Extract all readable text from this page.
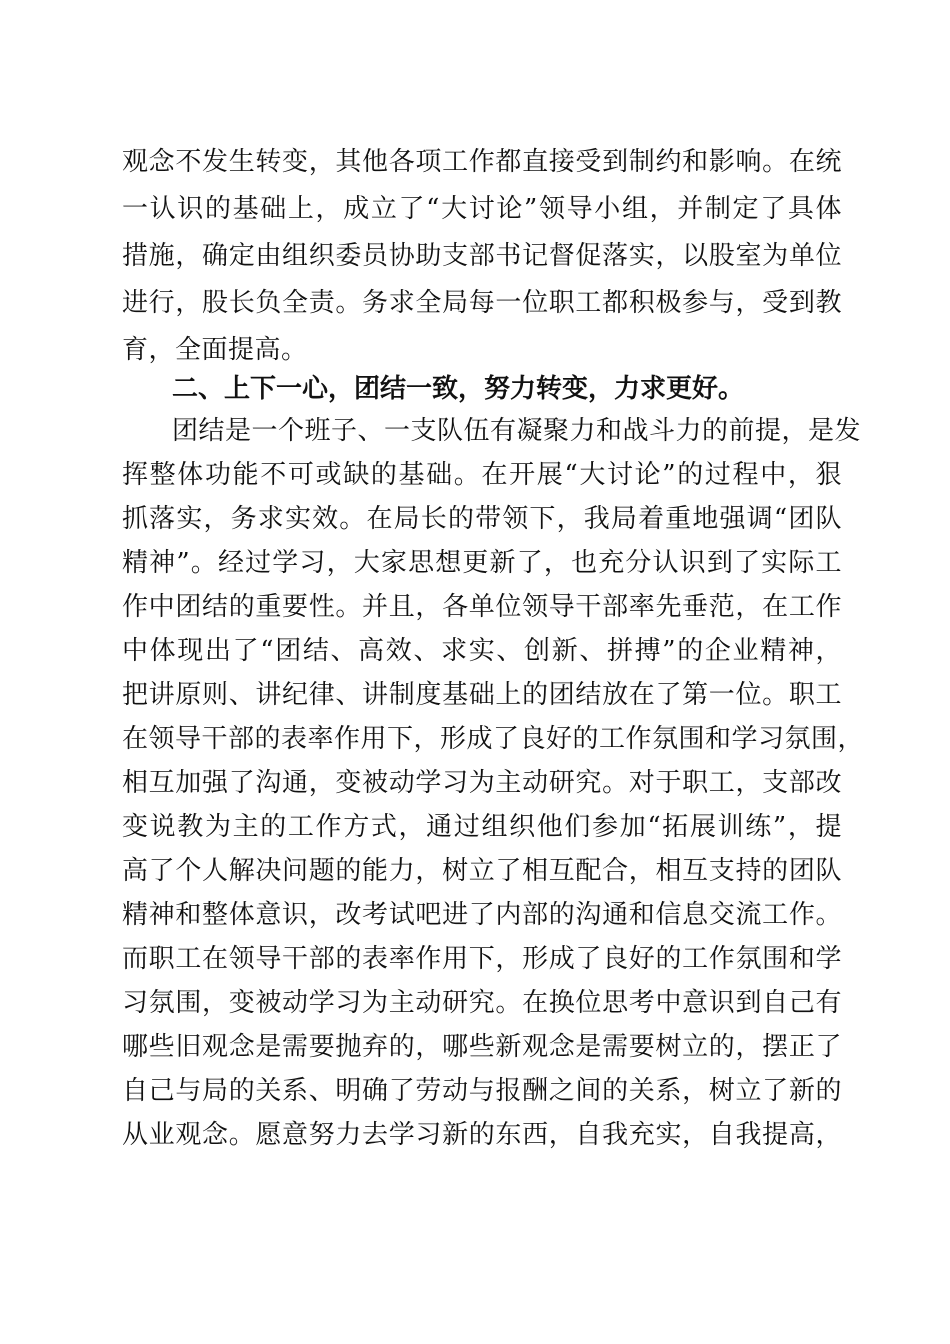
观念不发生转变，其他各项工作都直接受到制约和影响。在统
一认识的基础上，成立了“大讨论”领导小组，并制定了具体
措施，确定由组织委员协助支部书记督促落实，以股室为单位
进行，股长负全责。务求全局每一位职工都积极参与，受到教
育，全面提高。
二、上下一心，团结一致，努力转变，力求更好。
团结是一个班子、一支队伍有凝聚力和战斗力的前提，是发
挥整体功能不可或缺的基础。在开展“大讨论”的过程中，狠
抓落实，务求实效。在局长的带领下，我局着重地强调“团队
精神”。经过学习，大家思想更新了，也充分认识到了实际工
作中团结的重要性。并且，各单位领导干部率先垂范，在工作
中体现出了“团结、高效、求实、创新、拼搏”的企业精神，
把讲原则、讲纪律、讲制度基础上的团结放在了第一位。职工
在领导干部的表率作用下，形成了良好的工作氛围和学习氛围，
相互加强了沟通，变被动学习为主动研究。对于职工，支部改
变说教为主的工作方式，通过组织他们参加“拓展训练”，提
高了个人解决问题的能力，树立了相互配合，相互支持的团队
精神和整体意识，改考试吧进了内部的沟通和信息交流工作。
而职工在领导干部的表率作用下，形成了良好的工作氛围和学
习氛围，变被动学习为主动研究。在换位思考中意识到自己有
哪些旧观念是需要抛弃的，哪些新观念是需要树立的，摆正了
自己与局的关系、明确了劳动与报酬之间的关系，树立了新的
从业观念。愿意努力去学习新的东西，自我充实，自我提高，
